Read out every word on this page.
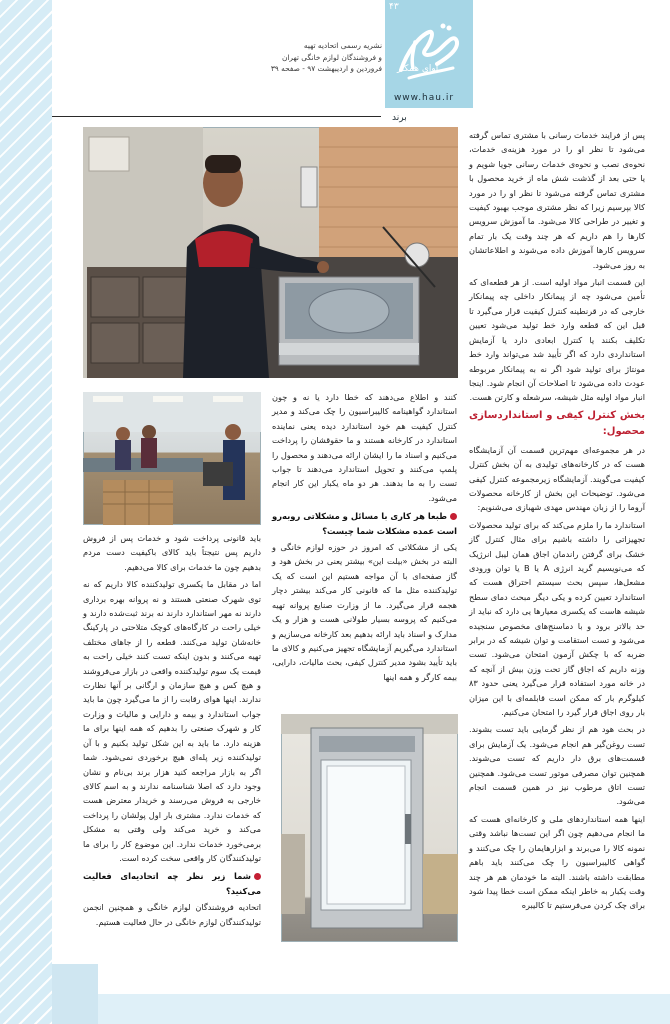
۴۳
آوای همکار
نشریه رسمی اتحادیه تهیه
و فروشندگان لوازم خانگی تهران
فروردین و اردیبهشت ۹۷ - صفحه ۳۹
www.hau.ir
برند

پس از فرایند خدمات رسانی با مشتری تماس گرفته می‌شود تا نظر او را در مورد هزینه‌ی خدمات، نحوه‌ی نصب و نحوه‌ی خدمات رسانی جویا شویم و یا حتی بعد از گذشت شش ماه از خرید محصول با مشتری تماس گرفته می‌شود تا نظر او را در مورد کالا بپرسیم زیرا که نظر مشتری موجب بهبود کیفیت و تغییر در طراحی کالا می‌شود. ما آموزش سرویس کارها را هم داریم که هر چند وقت یک بار تمام سرویس کارها آموزش داده می‌شوند و اطلاعاتشان به روز می‌شود.

این قسمت انبار مواد اولیه است. از هر قطعه‌ای که تأمین می‌شود چه از پیمانکار داخلی چه پیمانکار خارجی که در قرنطینه کنترل کیفیت قرار می‌گیرد تا قبل این که قطعه وارد خط تولید می‌شود تعیین تکلیف بکنند یا کنترل ابعادی دارد یا آزمایش استانداردی دارد که اگر تأیید شد می‌تواند وارد خط مونتاژ برای تولید شود اگر نه به پیمانکار مربوطه عودت داده می‌شود تا اصلاحات آن انجام شود. اینجا انبار مواد اولیه مثل شیشه، سرشعله و کارتن هست.

بخش کنترل کیفی و استانداردسازی محصول:

در هر مجموعه‌ای مهم‌ترین قسمت آن آزمایشگاه هست که در کارخانه‌های تولیدی به آن بخش کنترل کیفیت می‌گویند. آزمایشگاه زیرمجموعه کنترل کیفی می‌شود. توضیحات این بخش از کارخانه محصولات آروما را از زبان مهندس مهدی شهبازی می‌شنویم:

استاندارد ما را ملزم می‌کند که برای تولید محصولات تجهیزاتی را داشته باشیم برای مثال کنترل گاز خشک برای گرفتن راندمان اجاق همان لیبل انرژیک که می‌نویسیم گرید انرژی A یا B یا توان ورودی مشعل‌ها، سپس بحث سیستم احتراق هست که استاندارد تعیین کرده و یکی دیگر مبحث دمای سطح شیشه هاست که یکسری معیارها یی دارد که نباید از حد بالاتر برود و با دماسنج‌های مخصوص سنجیده می‌شود و تست استقامت و توان شیشه که در برابر ضربه که با چکش آزمون امتحان می‌شود. تست وزنه داریم که اجاق گاز تحت وزن بیش از آنچه که در خانه مورد استفاده قرار می‌گیرد یعنی حدود ۸۳ کیلوگرم بار که ممکن است قابلمه‌ای با این میزان بار روی اجاق قرار گیرد را امتحان می‌کنیم.

در بحث هود هم از نظر گرمایی باید تست بشوند. تست روغن‌گیر هم انجام می‌شود. یک آزمایش برای قسمت‌های برق دار داریم که تست می‌شوند. همچنین توان مصرفی موتور تست می‌شود. همچنین تست اتاق مرطوب نیز در همین قسمت انجام می‌شود.

اینها همه استانداردهای ملی و کارخانه‌ای هست که ما انجام می‌دهیم چون اگر این تست‌ها نباشد وقتی نمونه کالا را می‌برند و ابزارهایمان را چک می‌کنند و گواهی کالیبراسیون را چک می‌کنند باید باهم مطابقت داشته باشند. البته ما خودمان هم هر چند وقت یکبار به خاطر اینکه ممکن است خطا پیدا شود برای چک کردن می‌فرستیم تا کالیبره

کنند و اطلاع می‌دهند که خطا دارد یا نه و چون استاندارد گواهینامه کالیبراسیون را چک می‌کند و مدیر کنترل کیفیت هم خود استاندارد دیده یعنی نماینده استاندارد در کارخانه هستند و ما حقوقشان را پرداخت می‌کنیم و اسناد ما را ایشان ارائه می‌دهند و محصول را پلمپ می‌کنند و تحویل استاندارد می‌دهند تا جواب تست را به ما بدهند. هر دو ماه یکبار این کار انجام می‌شود.

طبعا هر کاری با مسائل و مشکلاتی روبه‌رو است عمده مشکلات شما چیست؟

یکی از مشکلاتی که امروز در حوزه لوازم خانگی و البته در بخش «بیلت این» بیشتر یعنی در بخش هود و گاز صفحه‌ای با آن مواجه هستیم این است که یک تولیدکننده مثل ما که قانونی کار می‌کند بیشتر دچار هجمه قرار می‌گیرد. ما از وزارت صنایع پروانه تهیه می‌کنیم که پروسه بسیار طولانی هست و هزار و یک مدارک و اسناد باید ارائه بدهیم بعد کارخانه می‌سازیم و استاندارد می‌گیریم آزمایشگاه تجهیز می‌کنیم و کالای ما باید تأیید بشود مدیر کنترل کیفی، بحث مالیات، دارایی، بیمه کارگر و همه اینها

باید قانونی پرداخت شود و خدمات پس از فروش داریم پس نتیجتاً باید کالای باکیفیت دست مردم بدهیم چون ما خدمات برای کالا می‌دهیم.

اما در مقابل ما یکسری تولیدکننده کالا داریم که نه توی شهرک صنعتی هستند و نه پروانه بهره برداری دارند نه مهر استاندارد دارند نه برند ثبت‌شده دارند و خیلی راحت در کارگاه‌های کوچک متلاحتی در پارکینگ خانه‌شان تولید می‌کنند. قطعه را از جاهای مختلف تهیه می‌کنند و بدون اینکه تست کنند خیلی راحت به قیمت یک سوم تولیدکننده واقعی در بازار می‌فروشند و هیچ کس و هیچ سازمان و ارگانی بر آنها نظارت ندارند. اینها هوای رقابت را از ما می‌گیرد چون ما باید جواب استاندارد و بیمه و دارایی و مالیات و وزارت کار و شهرک صنعتی را بدهیم که همه اینها برای ما هزینه دارد. ما باید به این شکل تولید بکنیم و با آن تولیدکننده زیر پله‌ای هیچ برخوردی نمی‌شود. شما اگر به بازار مراجعه کنید هزار برند بی‌نام و نشان وجود دارد که اصلا شناسنامه ندارند و به اسم کالای خارجی به فروش می‌رسند و خریدار معترض هست که خدمات ندارد. مشتری بار اول پولشان را پرداخت می‌کند و خرید می‌کند ولی وقتی به مشکل برمی‌خورد خدمات ندارد. این موضوع کار را برای ما تولیدکنندگان کار واقعی سخت کرده است.

شما زیر نظر چه اتحادیه‌ای فعالیت می‌کنید؟

اتحادیه فروشندگان لوازم خانگی و همچنین انجمن تولیدکنندگان لوازم خانگی در حال فعالیت هستیم.
